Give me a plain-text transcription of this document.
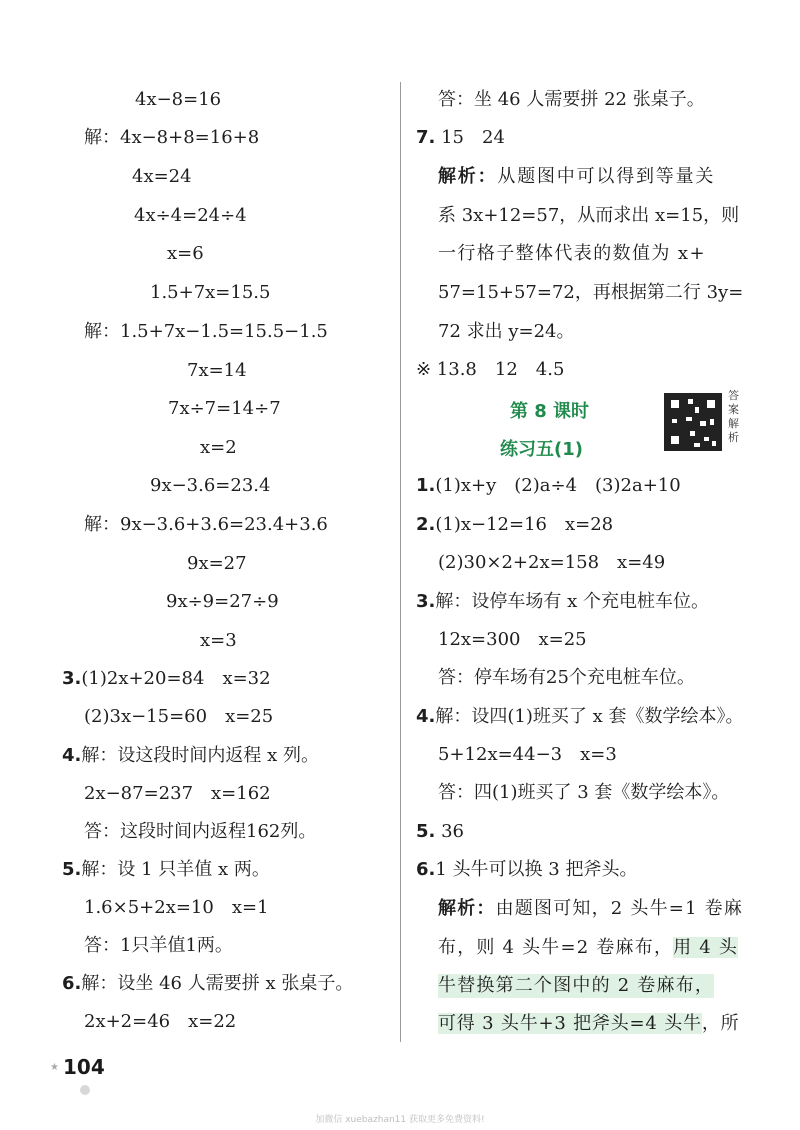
4x−8=16
解：4x−8+8=16+8
4x=24
4x÷4=24÷4
x=6
1.5+7x=15.5
解：1.5+7x−1.5=15.5−1.5
7x=14
7x÷7=14÷7
x=2
9x−3.6=23.4
解：9x−3.6+3.6=23.4+3.6
9x=27
9x÷9=27÷9
x=3
3.(1)2x+20=84　x=32
(2)3x−15=60　x=25
4.解：设这段时间内返程 x 列。
2x−87=237　x=162
答：这段时间内返程162列。
5.解：设 1 只羊值 x 两。
1.6×5+2x=10　x=1
答：1只羊值1两。
6.解：设坐 46 人需要拼 x 张桌子。
2x+2=46　x=22
答：坐 46 人需要拼 22 张桌子。
7. 15　24
解析：从题图中可以得到等量关
系 3x+12=57，从而求出 x=15，则
一行格子整体代表的数值为 x+
57=15+57=72，再根据第二行 3y=
72 求出 y=24。
※ 13.8　12　4.5
第 8 课时
练习五(1)
答案解析
1.(1)x+y　(2)a÷4　(3)2a+10
2.(1)x−12=16　x=28
(2)30×2+2x=158　x=49
3.解：设停车场有 x 个充电桩车位。
12x=300　x=25
答：停车场有25个充电桩车位。
4.解：设四(1)班买了 x 套《数学绘本》。
5+12x=44−3　x=3
答：四(1)班买了 3 套《数学绘本》。
5. 36
6.1 头牛可以换 3 把斧头。
解析：由题图可知，2 头牛=1 卷麻
布，则 4 头牛=2 卷麻布，用 4 头
牛替换第二个图中的 2 卷麻布，
可得 3 头牛+3 把斧头=4 头牛，所
★ 104
加微信 xuebazhan11 获取更多免费资料!
